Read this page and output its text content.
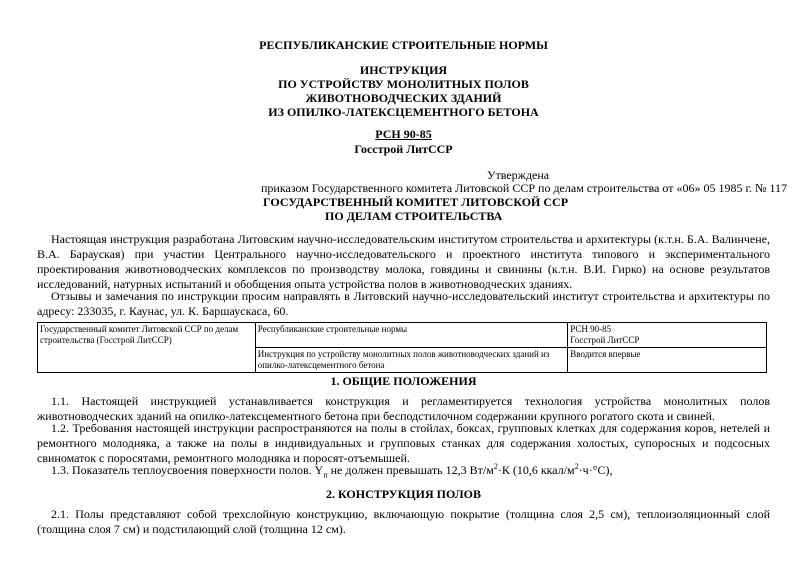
РЕСПУБЛИКАНСКИЕ СТРОИТЕЛЬНЫЕ НОРМЫ
ИНСТРУКЦИЯ
ПО УСТРОЙСТВУ МОНОЛИТНЫХ ПОЛОВ
ЖИВОТНОВОДЧЕСКИХ ЗДАНИЙ
ИЗ ОПИЛКО-ЛАТЕКСЦЕМЕНТНОГО БЕТОНА
РСН 90-85
Госстрой ЛитССР
Утверждена
приказом Государственного комитета Литовской ССР по делам строительства от «06» 05 1985 г. № 117
ГОСУДАРСТВЕННЫЙ КОМИТЕТ ЛИТОВСКОЙ ССР
ПО ДЕЛАМ СТРОИТЕЛЬСТВА
Настоящая инструкция разработана Литовским научно-исследовательским институтом строительства и архитектуры (к.т.н. Б.А. Валинчене, В.А. Барауская) при участии Центрального научно-исследовательского и проектного института типового и экспериментального проектирования животноводческих комплексов по производству молока, говядины и свинины (к.т.н. В.И. Гирко) на основе результатов исследований, натурных испытаний и обобщения опыта устройства полов в животноводческих зданиях.
Отзывы и замечания по инструкции просим направлять в Литовский научно-исследовательский институт строительства и архитектуры по адресу: 233035, г. Каунас, ул. К. Баршаускаса, 60.
Государственный комитет Литовской ССР по делам строительства (Госстрой ЛитССР)	Республиканские строительные нормы	РСН 90-85
Госстрой ЛитССР

	Инструкция по устройству монолитных полов животноводческих зданий из опилко-латексцементного бетона	Вводится впервые
1. ОБЩИЕ ПОЛОЖЕНИЯ
1.1. Настоящей инструкцией устанавливается конструкция и регламентируется технология устройства монолитных полов животноводческих зданий на опилко-латексцементного бетона при бесподстилочном содержании крупного рогатого скота и свиней.
1.2. Требования настоящей инструкции распространяются на полы в стойлах, боксах, групповых клетках для содержания коров, нетелей и ремонтного молодняка, а также на полы в индивидуальных и групповых станках для содержания холостых, супоросных и подсосных свиноматок с поросятами, ремонтного молодняка и поросят-отъемышей.
1.3. Показатель теплоусвоения поверхности полов. $Y_п$ не должен превышать 12,3 $Вт/м^2\cdot К$ (10,6 ккал/$м^2\cdot ч\cdot^\circ С$),
2. КОНСТРУКЦИЯ ПОЛОВ
2.1. Полы представляют собой трехслойную конструкцию, включающую покрытие (толщина слоя 2,5 см), теплоизоляционный слой (толщина слоя 7 см) и подстилающий слой (толщина 12 см).
